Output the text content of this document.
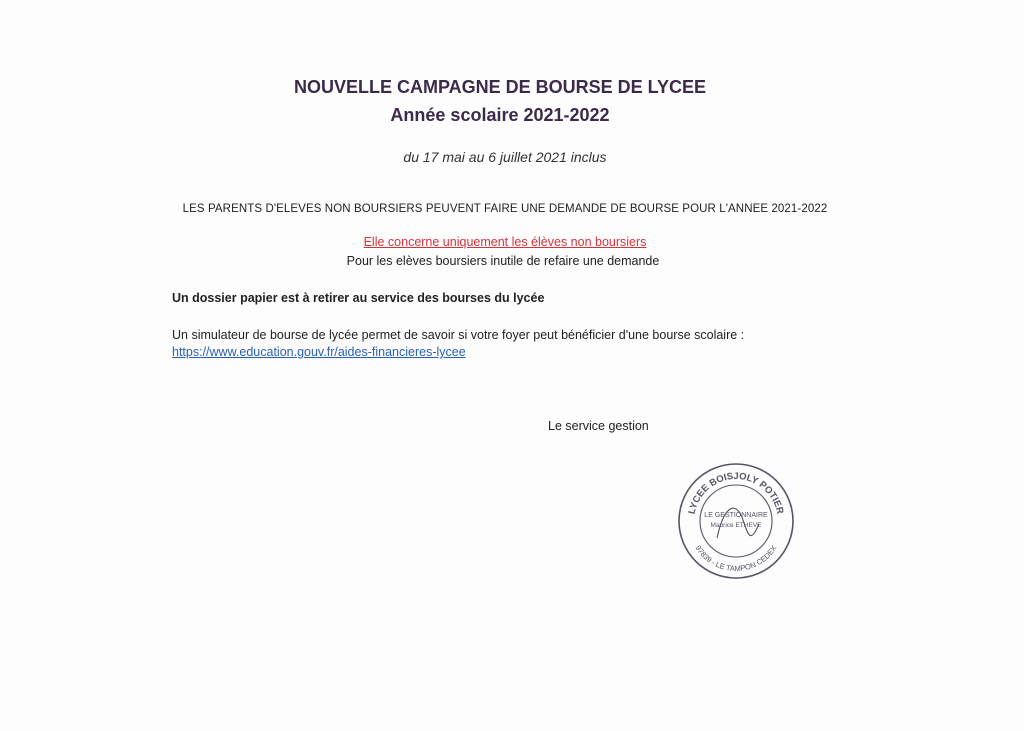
NOUVELLE CAMPAGNE DE BOURSE DE LYCEE
Année scolaire 2021-2022
du 17 mai au 6 juillet 2021 inclus
LES PARENTS D'ELEVES NON BOURSIERS PEUVENT FAIRE UNE DEMANDE DE BOURSE POUR L'ANNEE 2021-2022
Elle concerne uniquement les élèves non boursiers
Pour les elèves boursiers inutile de refaire une demande
Un dossier papier est à retirer au service des bourses du lycée
Un simulateur de bourse de lycée permet de savoir si votre foyer peut bénéficier d'une bourse scolaire :
https://www.education.gouv.fr/aides-financieres-lycee
Le service gestion
LYCEE BOISJOLY POTIER
97839 - LE TAMPON CEDEX
LE GESTIONNAIRE
Maurice ETHEVE
